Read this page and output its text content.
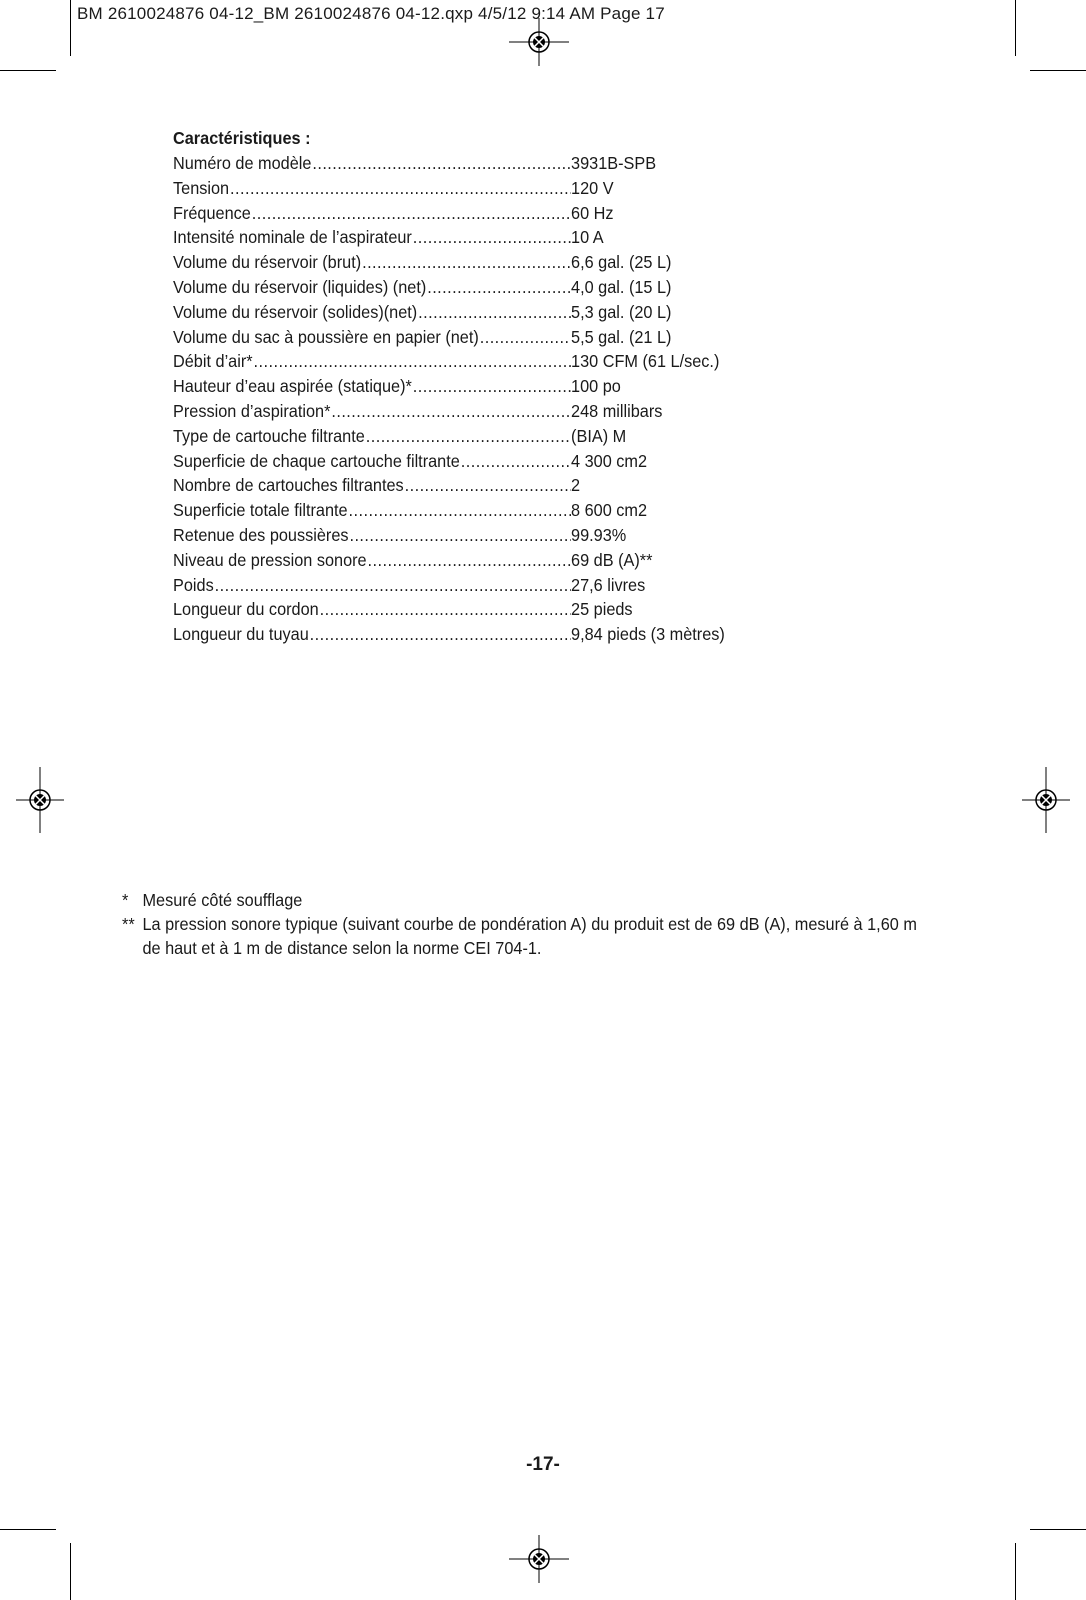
BM 2610024876 04-12_BM 2610024876 04-12.qxp 4/5/12 9:14 AM Page 17
Caractéristiques :
Numéro de modèle .....	3931B-SPB
Tension .....	120 V
Fréquence .....	60 Hz
Intensité nominale de l’aspirateur .....	10 A
Volume du réservoir (brut) .....	6,6 gal. (25 L)
Volume du réservoir (liquides) (net) .....	4,0 gal. (15 L)
Volume du réservoir (solides)(net) .....	5,3 gal. (20 L)
Volume du sac à poussière en papier (net) .....	5,5 gal. (21 L)
Débit d’air* .....	130 CFM (61 L/sec.)
Hauteur d’eau aspirée (statique)* .....	100 po
Pression d’aspiration* .....	248 millibars
Type de cartouche filtrante .....	(BIA) M
Superficie de chaque cartouche filtrante .....	4 300 cm2
Nombre de cartouches filtrantes .....	2
Superficie totale filtrante .....	8 600 cm2
Retenue des poussières .....	99.93%
Niveau de pression sonore .....	69 dB (A)**
Poids .....	27,6 livres
Longueur du cordon .....	25 pieds
Longueur du tuyau .....	9,84 pieds (3 mètres)
* Mesuré côté soufflage
** La pression sonore typique (suivant courbe de pondération A) du produit est de 69 dB (A), mesuré à 1,60 m de haut et à 1 m de distance selon la norme CEI 704-1.
-17-
